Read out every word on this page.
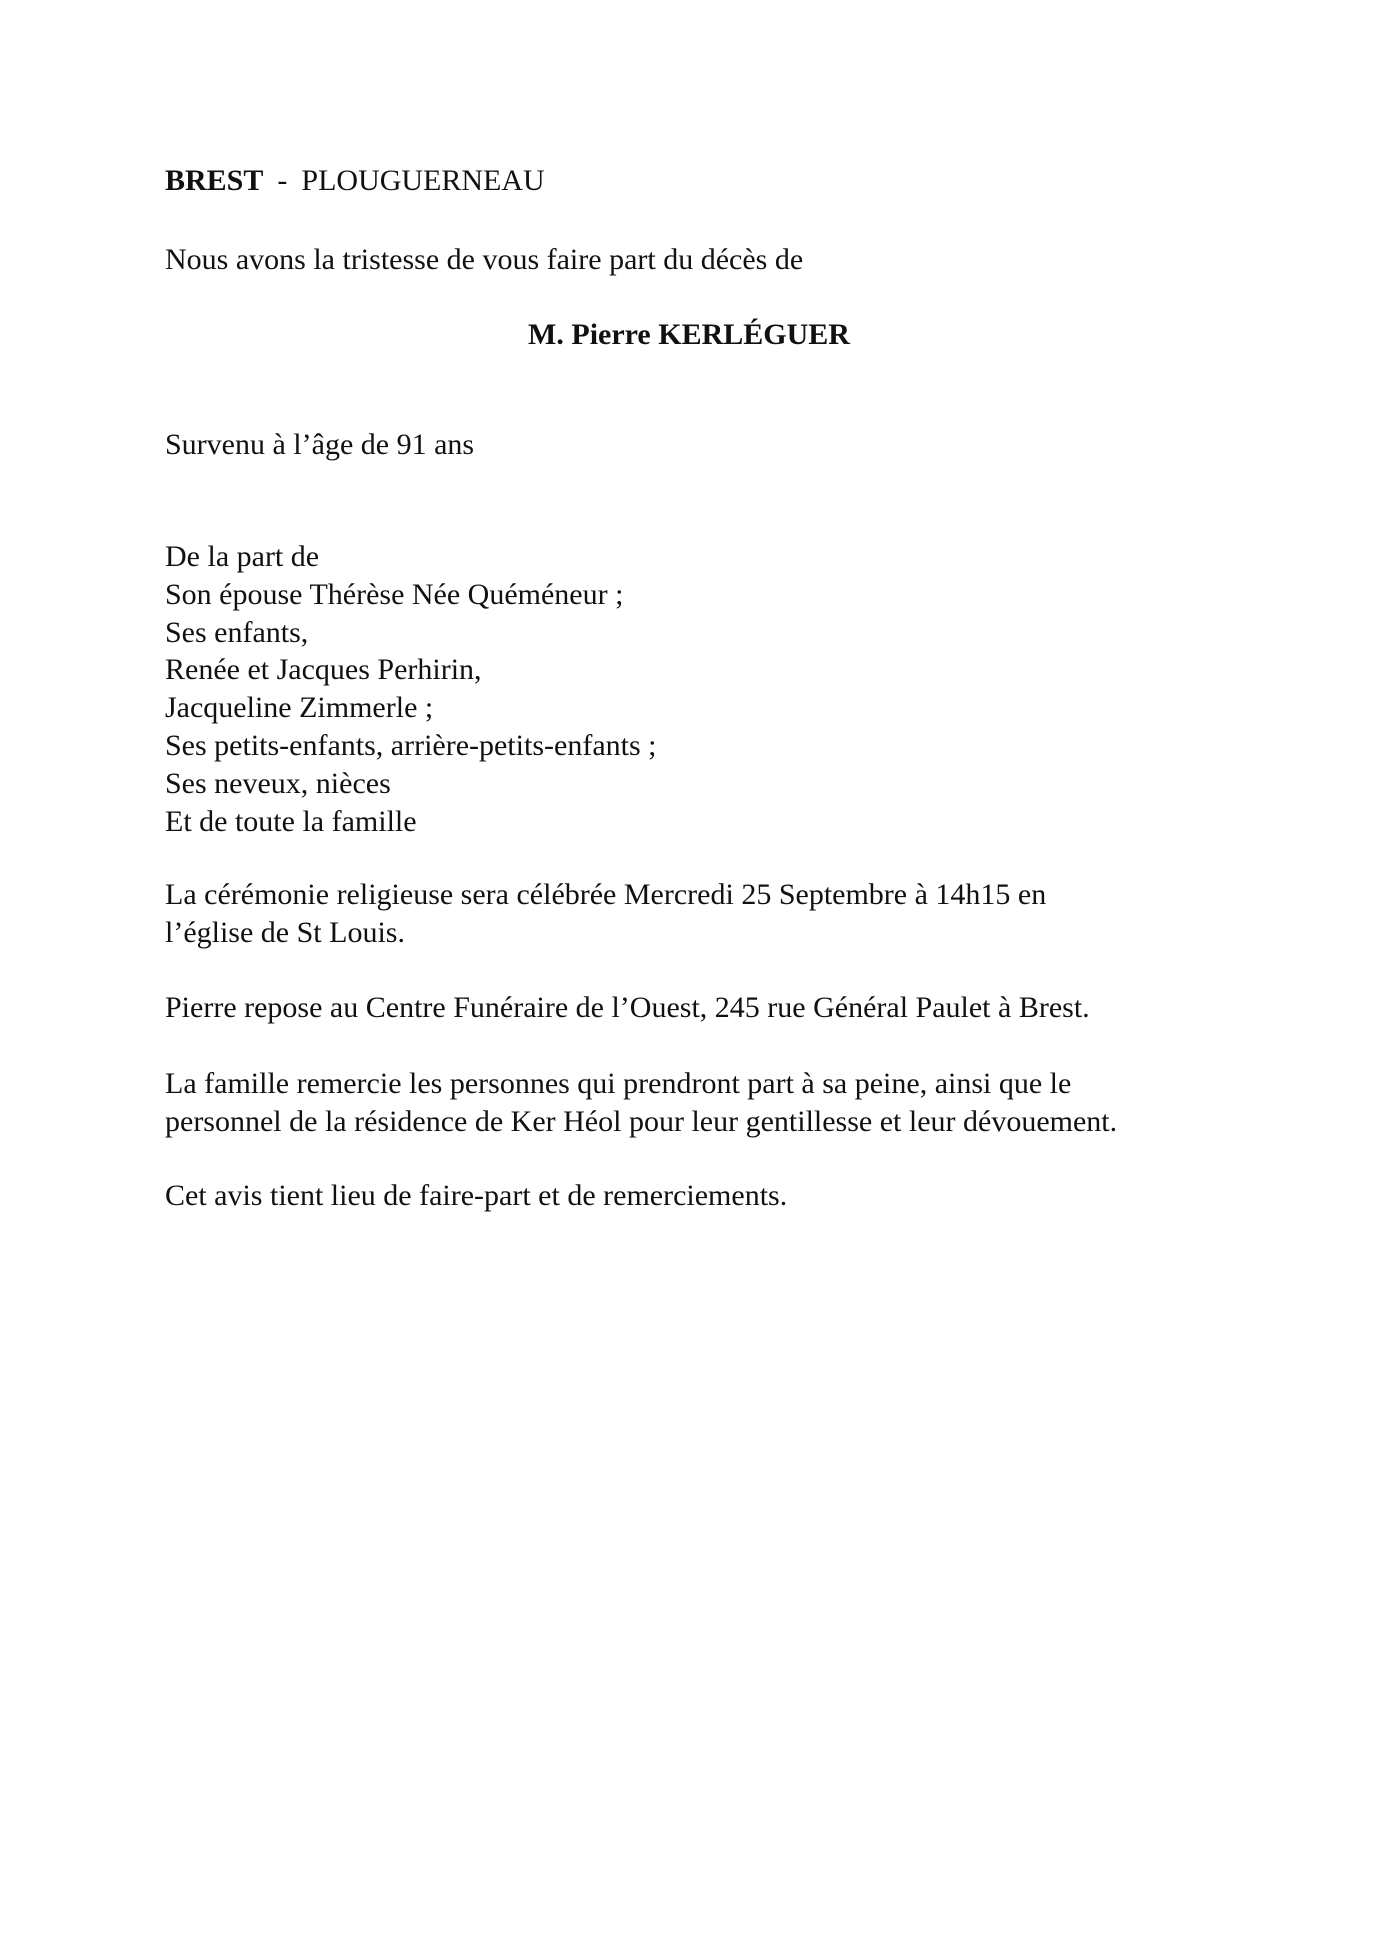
BREST - PLOUGUERNEAU
Nous avons la tristesse de vous faire part du décès de
M. Pierre KERLÉGUER
Survenu à l’âge de 91 ans
De la part de
Son épouse Thérèse Née Quéméneur ;
Ses enfants,
Renée et Jacques Perhirin,
Jacqueline Zimmerle ;
Ses petits-enfants, arrière-petits-enfants ;
Ses neveux, nièces
Et de toute la famille
La cérémonie religieuse sera célébrée Mercredi 25 Septembre à 14h15 en
l’église de St Louis.
Pierre repose au Centre Funéraire de l’Ouest, 245 rue Général Paulet à Brest.
La famille remercie les personnes qui prendront part à sa peine, ainsi que le
personnel de la résidence de Ker Héol pour leur gentillesse et leur dévouement.
Cet avis tient lieu de faire-part et de remerciements.
